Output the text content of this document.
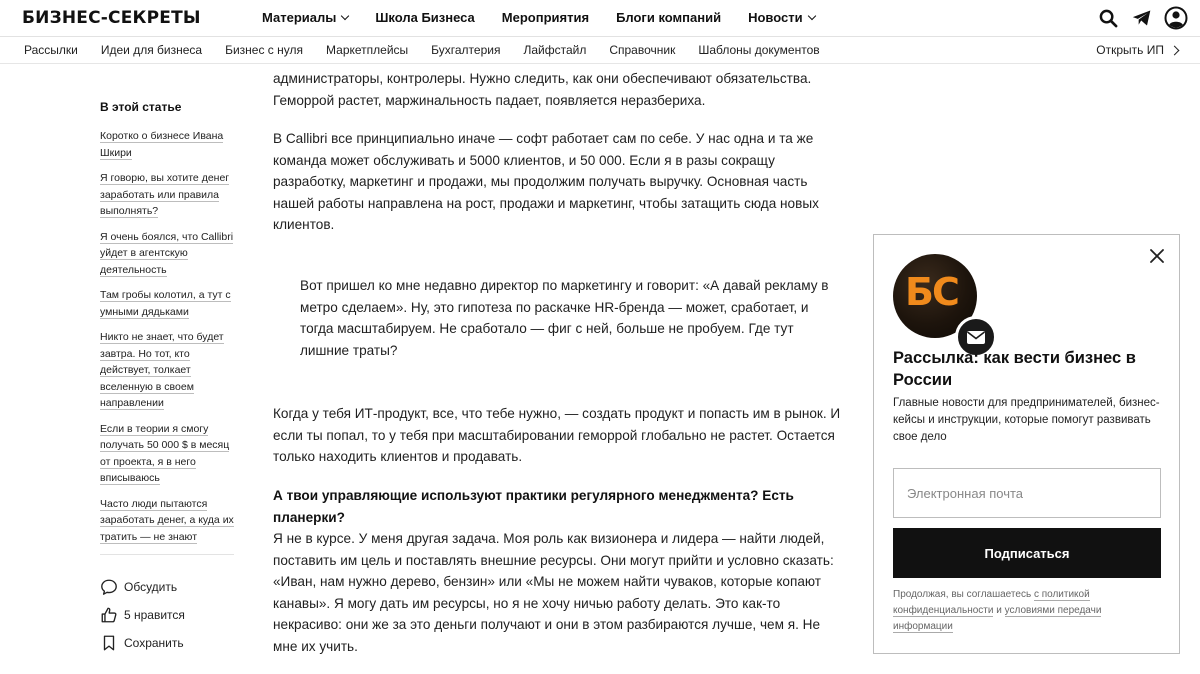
БИЗНЕС-СЕКРЕТЫ	Материалы	Школа Бизнеса Мероприятия Блоги компаний Новости
Рассылки Идеи для бизнеса Бизнес с нуля Маркетплейсы Бухгалтерия Лайфстайл Справочник Шаблоны документов	Открыть ИП
В этой статье
Коротко о бизнесе Ивана Шкири
Я говорю, вы хотите денег заработать или правила выполнять?
Я очень боялся, что Callibri уйдет в агентскую деятельность
Там гробы колотил, а тут с умными дядьками
Никто не знает, что будет завтра. Но тот, кто действует, толкает вселенную в своем направлении
Если в теории я смогу получать 50 000 $ в месяц от проекта, я в него вписываюсь
Часто люди пытаются заработать денег, а куда их тратить — не знают
Обсудить
5 нравится
Сохранить

администраторы, контролеры. Нужно следить, как они обеспечивают обязательства. Геморрой растет, маржинальность падает, появляется неразбериха.

В Callibri все принципиально иначе — софт работает сам по себе. У нас одна и та же команда может обслуживать и 5000 клиентов, и 50 000. Если я в разы сокращу разработку, маркетинг и продажи, мы продолжим получать выручку. Основная часть нашей работы направлена на рост, продажи и маркетинг, чтобы затащить сюда новых клиентов.

Вот пришел ко мне недавно директор по маркетингу и говорит: «А давай рекламу в метро сделаем». Ну, это гипотеза по раскачке HR-бренда — может, сработает, и тогда масштабируем. Не сработало — фиг с ней, больше не пробуем. Где тут лишние траты?

Когда у тебя ИТ-продукт, все, что тебе нужно, — создать продукт и попасть им в рынок. И если ты попал, то у тебя при масштабировании геморрой глобально не растет. Остается только находить клиентов и продавать.

А твои управляющие используют практики регулярного менеджмента? Есть планерки?

Я не в курсе. У меня другая задача. Моя роль как визионера и лидера — найти людей, поставить им цель и поставлять внешние ресурсы. Они могут прийти и условно сказать: «Иван, нам нужно дерево, бензин» или «Мы не можем найти чуваков, которые копают канавы». Я могу дать им ресурсы, но я не хочу ничью работу делать. Это как-то некрасиво: они же за это деньги получают и они в этом разбираются лучше, чем я. Не мне их учить.

БС
Рассылка: как вести бизнес в России
Главные новости для предпринимателей, бизнес-кейсы и инструкции, которые помогут развивать свое дело
Электронная почта
Подписаться
Продолжая, вы соглашаетесь с политикой конфиденциальности и условиями передачи информации
